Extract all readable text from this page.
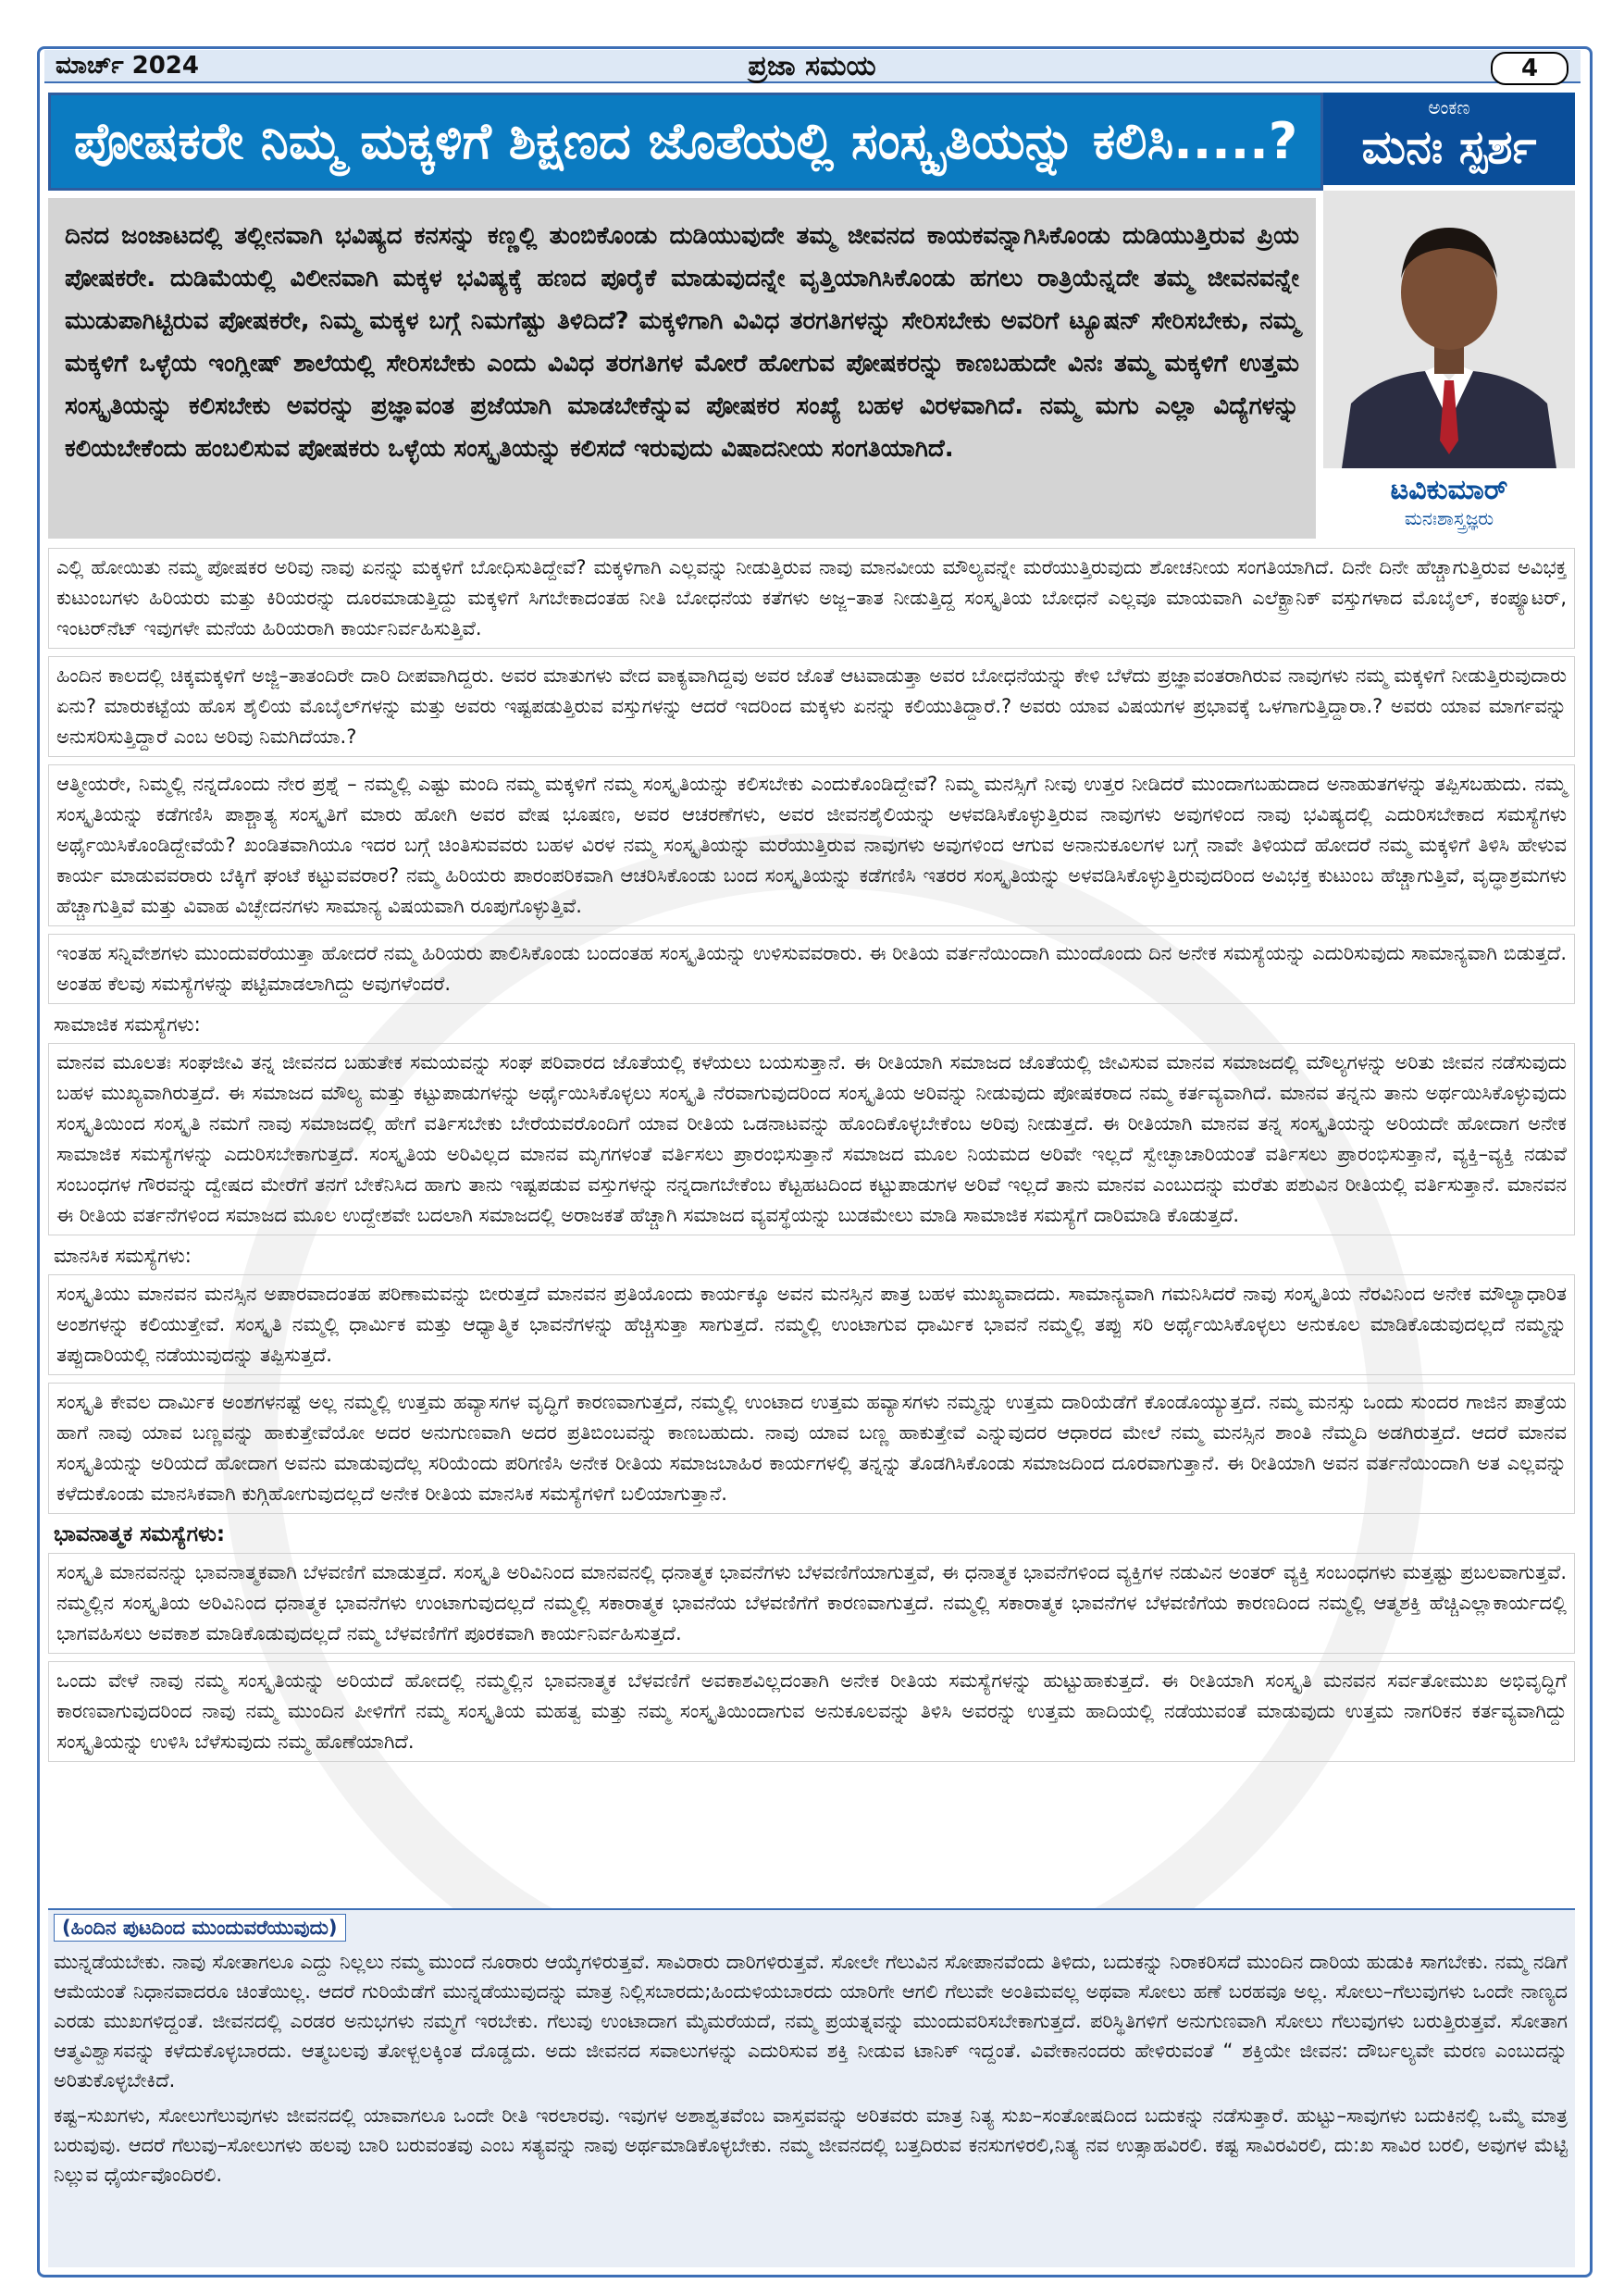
ಮಾರ್ಚ್ 2024	ಪ್ರಜಾ ಸಮಯ	4
ಪೋಷಕರೇ ನಿಮ್ಮ ಮಕ್ಕಳಿಗೆ ಶಿಕ್ಷಣದ ಜೊತೆಯಲ್ಲಿ ಸಂಸ್ಕೃತಿಯನ್ನು ಕಲಿಸಿ.....?
ಅಂಕಣ
ಮನಃ ಸ್ಪರ್ಶ
ಟವಿಕುಮಾರ್
ಮನಃಶಾಸ್ತ್ರಜ್ಞರು

ದಿನದ ಜಂಜಾಟದಲ್ಲಿ ತಲ್ಲೀನವಾಗಿ ಭವಿಷ್ಯದ ಕನಸನ್ನು ಕಣ್ಣಲ್ಲಿ ತುಂಬಿಕೊಂಡು ದುಡಿಯುವುದೇ ತಮ್ಮ ಜೀವನದ ಕಾಯಕವನ್ನಾಗಿಸಿಕೊಂಡು ದುಡಿಯುತ್ತಿರುವ ಪ್ರಿಯ ಪೋಷಕರೇ. ದುಡಿಮೆಯಲ್ಲಿ ವಿಲೀನವಾಗಿ ಮಕ್ಕಳ ಭವಿಷ್ಯಕ್ಕೆ ಹಣದ ಪೂರೈಕೆ ಮಾಡುವುದನ್ನೇ ವೃತ್ತಿಯಾಗಿಸಿಕೊಂಡು ಹಗಲು ರಾತ್ರಿಯೆನ್ನದೇ ತಮ್ಮ ಜೀವನವನ್ನೇ ಮುಡುಪಾಗಿಟ್ಟಿರುವ ಪೋಷಕರೇ, ನಿಮ್ಮ ಮಕ್ಕಳ ಬಗ್ಗೆ ನಿಮಗೆಷ್ಟು ತಿಳಿದಿದೆ? ಮಕ್ಕಳಿಗಾಗಿ ವಿವಿಧ ತರಗತಿಗಳನ್ನು ಸೇರಿಸಬೇಕು ಅವರಿಗೆ ಟ್ಯೂಷನ್ ಸೇರಿಸಬೇಕು, ನಮ್ಮ ಮಕ್ಕಳಿಗೆ ಒಳ್ಳೆಯ ಇಂಗ್ಲೀಷ್ ಶಾಲೆಯಲ್ಲಿ ಸೇರಿಸಬೇಕು ಎಂದು ವಿವಿಧ ತರಗತಿಗಳ ಮೋರೆ ಹೋಗುವ ಪೋಷಕರನ್ನು ಕಾಣಬಹುದೇ ವಿನಃ ತಮ್ಮ ಮಕ್ಕಳಿಗೆ ಉತ್ತಮ ಸಂಸ್ಕೃತಿಯನ್ನು ಕಲಿಸಬೇಕು ಅವರನ್ನು ಪ್ರಜ್ಞಾವಂತ ಪ್ರಜೆಯಾಗಿ ಮಾಡಬೇಕೆನ್ನುವ ಪೋಷಕರ ಸಂಖ್ಯೆ ಬಹಳ ವಿರಳವಾಗಿದೆ. ನಮ್ಮ ಮಗು ಎಲ್ಲಾ ವಿದ್ಯೆಗಳನ್ನು ಕಲಿಯಬೇಕೆಂದು ಹಂಬಲಿಸುವ ಪೋಷಕರು ಒಳ್ಳೆಯ ಸಂಸ್ಕೃತಿಯನ್ನು ಕಲಿಸದೆ ಇರುವುದು ವಿಷಾದನೀಯ ಸಂಗತಿಯಾಗಿದೆ.

ಎಲ್ಲಿ ಹೋಯಿತು ನಮ್ಮ ಪೋಷಕರ ಅರಿವು ನಾವು ಏನನ್ನು ಮಕ್ಕಳಿಗೆ ಬೋಧಿಸುತಿದ್ದೇವೆ? ಮಕ್ಕಳಿಗಾಗಿ ಎಲ್ಲವನ್ನು ನೀಡುತ್ತಿರುವ ನಾವು ಮಾನವೀಯ ಮೌಲ್ಯವನ್ನೇ ಮರೆಯುತ್ತಿರುವುದು ಶೋಚನೀಯ ಸಂಗತಿಯಾಗಿದೆ. ದಿನೇ ದಿನೇ ಹೆಚ್ಚಾಗುತ್ತಿರುವ ಅವಿಭಕ್ತ ಕುಟುಂಬಗಳು ಹಿರಿಯರು ಮತ್ತು ಕಿರಿಯರನ್ನು ದೂರಮಾಡುತ್ತಿದ್ದು ಮಕ್ಕಳಿಗೆ ಸಿಗಬೇಕಾದಂತಹ ನೀತಿ ಬೋಧನೆಯ ಕತೆಗಳು ಅಜ್ಜ–ತಾತ ನೀಡುತ್ತಿದ್ದ ಸಂಸ್ಕೃತಿಯ ಬೋಧನೆ ಎಲ್ಲವೂ ಮಾಯವಾಗಿ ಎಲೆಕ್ಟ್ರಾನಿಕ್ ವಸ್ತುಗಳಾದ ಮೊಬೈಲ್, ಕಂಪ್ಯೂಟರ್, ಇಂಟರ್‌ನೆಟ್ ಇವುಗಳೇ ಮನೆಯ ಹಿರಿಯರಾಗಿ ಕಾರ್ಯನಿರ್ವಹಿಸುತ್ತಿವೆ.

ಹಿಂದಿನ ಕಾಲದಲ್ಲಿ ಚಿಕ್ಕಮಕ್ಕಳಿಗೆ ಅಜ್ಜಿ–ತಾತಂದಿರೇ ದಾರಿ ದೀಪವಾಗಿದ್ದರು. ಅವರ ಮಾತುಗಳು ವೇದ ವಾಕ್ಯವಾಗಿದ್ದವು ಅವರ ಜೊತೆ ಆಟವಾಡುತ್ತಾ ಅವರ ಬೋಧನೆಯನ್ನು ಕೇಳಿ ಬೆಳೆದು ಪ್ರಜ್ಞಾವಂತರಾಗಿರುವ ನಾವುಗಳು ನಮ್ಮ ಮಕ್ಕಳಿಗೆ ನೀಡುತ್ತಿರುವುದಾರು ಏನು? ಮಾರುಕಟ್ಟೆಯ ಹೊಸ ಶೈಲಿಯ ಮೊಬೈಲ್‌ಗಳನ್ನು ಮತ್ತು ಅವರು ಇಷ್ಟಪಡುತ್ತಿರುವ ವಸ್ತುಗಳನ್ನು ಆದರೆ ಇದರಿಂದ ಮಕ್ಕಳು ಏನನ್ನು ಕಲಿಯುತಿದ್ದಾರೆ.? ಅವರು ಯಾವ ವಿಷಯಗಳ ಪ್ರಭಾವಕ್ಕೆ ಒಳಗಾಗುತ್ತಿದ್ದಾರಾ.? ಅವರು ಯಾವ ಮಾರ್ಗವನ್ನು ಅನುಸರಿಸುತ್ತಿದ್ದಾರೆ ಎಂಬ ಅರಿವು ನಿಮಗಿದೆಯಾ.?

ಆತ್ಮೀಯರೇ, ನಿಮ್ಮಲ್ಲಿ ನನ್ನದೊಂದು ನೇರ ಪ್ರಶ್ನೆ – ನಮ್ಮಲ್ಲಿ ಎಷ್ಟು ಮಂದಿ ನಮ್ಮ ಮಕ್ಕಳಿಗೆ ನಮ್ಮ ಸಂಸ್ಕೃತಿಯನ್ನು ಕಲಿಸಬೇಕು ಎಂದುಕೊಂಡಿದ್ದೇವೆ? ನಿಮ್ಮ ಮನಸ್ಸಿಗೆ ನೀವು ಉತ್ತರ ನೀಡಿದರೆ ಮುಂದಾಗಬಹುದಾದ ಅನಾಹುತಗಳನ್ನು ತಪ್ಪಿಸಬಹುದು. ನಮ್ಮ ಸಂಸ್ಕೃತಿಯನ್ನು ಕಡೆಗಣಿಸಿ ಪಾಶ್ಚಾತ್ಯ ಸಂಸ್ಕೃತಿಗೆ ಮಾರು ಹೋಗಿ ಅವರ ವೇಷ ಭೂಷಣ, ಅವರ ಆಚರಣೆಗಳು, ಅವರ ಜೀವನಶೈಲಿಯನ್ನು ಅಳವಡಿಸಿಕೊಳ್ಳುತ್ತಿರುವ ನಾವುಗಳು ಅವುಗಳಿಂದ ನಾವು ಭವಿಷ್ಯದಲ್ಲಿ ಎದುರಿಸಬೇಕಾದ ಸಮಸ್ಯೆಗಳು ಅರ್ಥೈಯಿಸಿಕೊಂಡಿದ್ದೇವೆಯೆ? ಖಂಡಿತವಾಗಿಯೂ ಇದರ ಬಗ್ಗೆ ಚಿಂತಿಸುವವರು ಬಹಳ ವಿರಳ ನಮ್ಮ ಸಂಸ್ಕೃತಿಯನ್ನು ಮರೆಯುತ್ತಿರುವ ನಾವುಗಳು ಅವುಗಳಿಂದ ಆಗುವ ಅನಾನುಕೂಲಗಳ ಬಗ್ಗೆ ನಾವೇ ತಿಳಿಯದೆ ಹೋದರೆ ನಮ್ಮ ಮಕ್ಕಳಿಗೆ ತಿಳಿಸಿ ಹೇಳುವ ಕಾರ್ಯ ಮಾಡುವವರಾರು ಬೆಕ್ಕಿಗೆ ಘಂಟೆ ಕಟ್ಟುವವರಾರ? ನಮ್ಮ ಹಿರಿಯರು ಪಾರಂಪರಿಕವಾಗಿ ಆಚರಿಸಿಕೊಂಡು ಬಂದ ಸಂಸ್ಕೃತಿಯನ್ನು ಕಡೆಗಣಿಸಿ ಇತರರ ಸಂಸ್ಕೃತಿಯನ್ನು ಅಳವಡಿಸಿಕೊಳ್ಳುತ್ತಿರುವುದರಿಂದ ಅವಿಭಕ್ತ ಕುಟುಂಬ ಹೆಚ್ಚಾಗುತ್ತಿವೆ, ವೃದ್ಧಾಶ್ರಮಗಳು ಹೆಚ್ಚಾಗುತ್ತಿವೆ ಮತ್ತು ವಿವಾಹ ವಿಚ್ಛೇದನಗಳು ಸಾಮಾನ್ಯ ವಿಷಯವಾಗಿ ರೂಪುಗೊಳ್ಳುತ್ತಿವೆ.

ಇಂತಹ ಸನ್ನಿವೇಶಗಳು ಮುಂದುವರೆಯುತ್ತಾ ಹೋದರೆ ನಮ್ಮ ಹಿರಿಯರು ಪಾಲಿಸಿಕೊಂಡು ಬಂದಂತಹ ಸಂಸ್ಕೃತಿಯನ್ನು ಉಳಿಸುವವರಾರು. ಈ ರೀತಿಯ ವರ್ತನೆಯಿಂದಾಗಿ ಮುಂದೊಂದು ದಿನ ಅನೇಕ ಸಮಸ್ಯೆಯನ್ನು ಎದುರಿಸುವುದು ಸಾಮಾನ್ಯವಾಗಿ ಬಿಡುತ್ತದೆ. ಅಂತಹ ಕೆಲವು ಸಮಸ್ಯೆಗಳನ್ನು ಪಟ್ಟಿಮಾಡಲಾಗಿದ್ದು ಅವುಗಳೆಂದರೆ.

ಸಾಮಾಜಿಕ ಸಮಸ್ಯೆಗಳು:

ಮಾನವ ಮೂಲತಃ ಸಂಘಜೀವಿ ತನ್ನ ಜೀವನದ ಬಹುತೇಕ ಸಮಯವನ್ನು ಸಂಘ ಪರಿವಾರದ ಜೊತೆಯಲ್ಲಿ ಕಳೆಯಲು ಬಯಸುತ್ತಾನೆ. ಈ ರೀತಿಯಾಗಿ ಸಮಾಜದ ಜೊತೆಯಲ್ಲಿ ಜೀವಿಸುವ ಮಾನವ ಸಮಾಜದಲ್ಲಿ ಮೌಲ್ಯಗಳನ್ನು ಅರಿತು ಜೀವನ ನಡೆಸುವುದು ಬಹಳ ಮುಖ್ಯವಾಗಿರುತ್ತದೆ. ಈ ಸಮಾಜದ ಮೌಲ್ಯ ಮತ್ತು ಕಟ್ಟುಪಾಡುಗಳನ್ನು ಅರ್ಥೈಯಿಸಿಕೊಳ್ಳಲು ಸಂಸ್ಕೃತಿ ನೆರವಾಗುವುದರಿಂದ ಸಂಸ್ಕೃತಿಯ ಅರಿವನ್ನು ನೀಡುವುದು ಪೋಷಕರಾದ ನಮ್ಮ ಕರ್ತವ್ಯವಾಗಿದೆ. ಮಾನವ ತನ್ನನು ತಾನು ಅರ್ಥಯಿಸಿಕೊಳ್ಳುವುದು ಸಂಸ್ಕೃತಿಯಿಂದ ಸಂಸ್ಕೃತಿ ನಮಗೆ ನಾವು ಸಮಾಜದಲ್ಲಿ ಹೇಗೆ ವರ್ತಿಸಬೇಕು ಬೇರೆಯವರೊಂದಿಗೆ ಯಾವ ರೀತಿಯ ಒಡನಾಟವನ್ನು ಹೊಂದಿಕೊಳ್ಳಬೇಕೆಂಬ ಅರಿವು ನೀಡುತ್ತದೆ. ಈ ರೀತಿಯಾಗಿ ಮಾನವ ತನ್ನ ಸಂಸ್ಕೃತಿಯನ್ನು ಅರಿಯದೇ ಹೋದಾಗ ಅನೇಕ ಸಾಮಾಜಿಕ ಸಮಸ್ಯೆಗಳನ್ನು ಎದುರಿಸಬೇಕಾಗುತ್ತದೆ. ಸಂಸ್ಕೃತಿಯ ಅರಿವಿಲ್ಲದ ಮಾನವ ಮೃಗಗಳಂತೆ ವರ್ತಿಸಲು ಪ್ರಾರಂಭಿಸುತ್ತಾನೆ ಸಮಾಜದ ಮೂಲ ನಿಯಮದ ಅರಿವೇ ಇಲ್ಲದೆ ಸ್ವೇಚ್ಛಾಚಾರಿಯಂತೆ ವರ್ತಿಸಲು ಪ್ರಾರಂಭಿಸುತ್ತಾನೆ, ವ್ಯಕ್ತಿ–ವ್ಯಕ್ತಿ ನಡುವೆ ಸಂಬಂಧಗಳ ಗೌರವನ್ನು ದ್ವೇಷದ ಮೇರೆಗೆ ತನಗೆ ಬೇಕೆನಿಸಿದ ಹಾಗು ತಾನು ಇಷ್ಟಪಡುವ ವಸ್ತುಗಳನ್ನು ನನ್ನದಾಗಬೇಕೆಂಬ ಕೆಟ್ಟಹಟದಿಂದ ಕಟ್ಟುಪಾಡುಗಳ ಅರಿವೆ ಇಲ್ಲದೆ ತಾನು ಮಾನವ ಎಂಬುದನ್ನು ಮರೆತು ಪಶುವಿನ ರೀತಿಯಲ್ಲಿ ವರ್ತಿಸುತ್ತಾನೆ. ಮಾನವನ ಈ ರೀತಿಯ ವರ್ತನೆಗಳಿಂದ ಸಮಾಜದ ಮೂಲ ಉದ್ದೇಶವೇ ಬದಲಾಗಿ ಸಮಾಜದಲ್ಲಿ ಅರಾಜಕತೆ ಹೆಚ್ಚಾಗಿ ಸಮಾಜದ ವ್ಯವಸ್ಥೆಯನ್ನು ಬುಡಮೇಲು ಮಾಡಿ ಸಾಮಾಜಿಕ ಸಮಸ್ಯೆಗೆ ದಾರಿಮಾಡಿ ಕೊಡುತ್ತದೆ.

ಮಾನಸಿಕ ಸಮಸ್ಯೆಗಳು:

ಸಂಸ್ಕೃತಿಯು ಮಾನವನ ಮನಸ್ಸಿನ ಅಪಾರವಾದಂತಹ ಪರಿಣಾಮವನ್ನು ಬೀರುತ್ತದೆ ಮಾನವನ ಪ್ರತಿಯೊಂದು ಕಾರ್ಯಕ್ಕೂ ಅವನ ಮನಸ್ಸಿನ ಪಾತ್ರ ಬಹಳ ಮುಖ್ಯವಾದದು. ಸಾಮಾನ್ಯವಾಗಿ ಗಮನಿಸಿದರೆ ನಾವು ಸಂಸ್ಕೃತಿಯ ನೆರವಿನಿಂದ ಅನೇಕ ಮೌಲ್ಯಾಧಾರಿತ ಅಂಶಗಳನ್ನು ಕಲಿಯುತ್ತೇವೆ. ಸಂಸ್ಕೃತಿ ನಮ್ಮಲ್ಲಿ ಧಾರ್ಮಿಕ ಮತ್ತು ಆಧ್ಯಾತ್ಮಿಕ ಭಾವನೆಗಳನ್ನು ಹೆಚ್ಚಿಸುತ್ತಾ ಸಾಗುತ್ತದೆ. ನಮ್ಮಲ್ಲಿ ಉಂಟಾಗುವ ಧಾರ್ಮಿಕ ಭಾವನೆ ನಮ್ಮಲ್ಲಿ ತಪ್ಪು ಸರಿ ಅರ್ಥೈಯಿಸಿಕೊಳ್ಳಲು ಅನುಕೂಲ ಮಾಡಿಕೊಡುವುದಲ್ಲದೆ ನಮ್ಮನ್ನು ತಪ್ಪುದಾರಿಯಲ್ಲಿ ನಡೆಯುವುದನ್ನು ತಪ್ಪಿಸುತ್ತದೆ.

ಸಂಸ್ಕೃತಿ ಕೇವಲ ದಾರ್ಮಿಕ ಅಂಶಗಳನಷ್ಟೆ ಅಲ್ಲ ನಮ್ಮಲ್ಲಿ ಉತ್ತಮ ಹವ್ಯಾಸಗಳ ವೃದ್ಧಿಗೆ ಕಾರಣವಾಗುತ್ತದೆ, ನಮ್ಮಲ್ಲಿ ಉಂಟಾದ ಉತ್ತಮ ಹವ್ಯಾಸಗಳು ನಮ್ಮನ್ನು ಉತ್ತಮ ದಾರಿಯೆಡೆಗೆ ಕೊಂಡೊಯ್ಯುತ್ತದೆ. ನಮ್ಮ ಮನಸ್ಸು ಒಂದು ಸುಂದರ ಗಾಜಿನ ಪಾತ್ರೆಯ ಹಾಗೆ ನಾವು ಯಾವ ಬಣ್ಣವನ್ನು ಹಾಕುತ್ತೇವೆಯೋ ಅದರ ಅನುಗುಣವಾಗಿ ಅದರ ಪ್ರತಿಬಿಂಬವನ್ನು ಕಾಣಬಹುದು. ನಾವು ಯಾವ ಬಣ್ಣ ಹಾಕುತ್ತೇವೆ ಎನ್ನುವುದರ ಆಧಾರದ ಮೇಲೆ ನಮ್ಮ ಮನಸ್ಸಿನ ಶಾಂತಿ ನೆಮ್ಮದಿ ಅಡಗಿರುತ್ತದೆ. ಆದರೆ ಮಾನವ ಸಂಸ್ಕೃತಿಯನ್ನು ಅರಿಯದೆ ಹೋದಾಗ ಅವನು ಮಾಡುವುದೆಲ್ಲ ಸರಿಯೆಂದು ಪರಿಗಣಿಸಿ ಅನೇಕ ರೀತಿಯ ಸಮಾಜಬಾಹಿರ ಕಾರ್ಯಗಳಲ್ಲಿ ತನ್ನನ್ನು ತೊಡಗಿಸಿಕೊಂಡು ಸಮಾಜದಿಂದ ದೂರವಾಗುತ್ತಾನೆ. ಈ ರೀತಿಯಾಗಿ ಅವನ ವರ್ತನೆಯಿಂದಾಗಿ ಅತ ಎಲ್ಲವನ್ನು ಕಳೆದುಕೊಂಡು ಮಾನಸಿಕವಾಗಿ ಕುಗ್ಗಿಹೋಗುವುದಲ್ಲದೆ ಅನೇಕ ರೀತಿಯ ಮಾನಸಿಕ ಸಮಸ್ಯೆಗಳಿಗೆ ಬಲಿಯಾಗುತ್ತಾನೆ.

ಭಾವನಾತ್ಮಕ ಸಮಸ್ಯೆಗಳು:

ಸಂಸ್ಕೃತಿ ಮಾನವನನ್ನು ಭಾವನಾತ್ಮಕವಾಗಿ ಬೆಳವಣಿಗೆ ಮಾಡುತ್ತದೆ. ಸಂಸ್ಕೃತಿ ಅರಿವಿನಿಂದ ಮಾನವನಲ್ಲಿ ಧನಾತ್ಮಕ ಭಾವನೆಗಳು ಬೆಳವಣಿಗೆಯಾಗುತ್ತವೆ, ಈ ಧನಾತ್ಮಕ ಭಾವನೆಗಳಿಂದ ವ್ಯಕ್ತಿಗಳ ನಡುವಿನ ಅಂತರ್ ವ್ಯಕ್ತಿ ಸಂಬಂಧಗಳು ಮತ್ತಷ್ಟು ಪ್ರಬಲವಾಗುತ್ತವೆ. ನಮ್ಮಲ್ಲಿನ ಸಂಸ್ಕೃತಿಯ ಅರಿವಿನಿಂದ ಧನಾತ್ಮಕ ಭಾವನೆಗಳು ಉಂಟಾಗುವುದಲ್ಲದೆ ನಮ್ಮಲ್ಲಿ ಸಕಾರಾತ್ಮಕ ಭಾವನೆಯ ಬೆಳವಣಿಗೆಗೆ ಕಾರಣವಾಗುತ್ತದೆ. ನಮ್ಮಲ್ಲಿ ಸಕಾರಾತ್ಮಕ ಭಾವನೆಗಳ ಬೆಳವಣಿಗೆಯ ಕಾರಣದಿಂದ ನಮ್ಮಲ್ಲಿ ಆತ್ಮಶಕ್ತಿ ಹೆಚ್ಚಿಎಲ್ಲಾಕಾರ್ಯದಲ್ಲಿ ಭಾಗವಹಿಸಲು ಅವಕಾಶ ಮಾಡಿಕೊಡುವುದಲ್ಲದೆ ನಮ್ಮ ಬೆಳವಣಿಗೆಗೆ ಪೂರಕವಾಗಿ ಕಾರ್ಯನಿರ್ವಹಿಸುತ್ತದೆ.

ಒಂದು ವೇಳೆ ನಾವು ನಮ್ಮ ಸಂಸ್ಕೃತಿಯನ್ನು ಅರಿಯದೆ ಹೋದಲ್ಲಿ ನಮ್ಮಲ್ಲಿನ ಭಾವನಾತ್ಮಕ ಬೆಳವಣಿಗೆ ಅವಕಾಶವಿಲ್ಲದಂತಾಗಿ ಅನೇಕ ರೀತಿಯ ಸಮಸ್ಯೆಗಳನ್ನು ಹುಟ್ಟುಹಾಕುತ್ತದೆ. ಈ ರೀತಿಯಾಗಿ ಸಂಸ್ಕೃತಿ ಮನವನ ಸರ್ವತೋಮುಖ ಅಭಿವೃದ್ಧಿಗೆ ಕಾರಣವಾಗುವುದರಿಂದ ನಾವು ನಮ್ಮ ಮುಂದಿನ ಪೀಳಿಗೆಗೆ ನಮ್ಮ ಸಂಸ್ಕೃತಿಯ ಮಹತ್ವ ಮತ್ತು ನಮ್ಮ ಸಂಸ್ಕೃತಿಯಿಂದಾಗುವ ಅನುಕೂಲವನ್ನು ತಿಳಿಸಿ ಅವರನ್ನು ಉತ್ತಮ ಹಾದಿಯಲ್ಲಿ ನಡೆಯುವಂತೆ ಮಾಡುವುದು ಉತ್ತಮ ನಾಗರಿಕನ ಕರ್ತವ್ಯವಾಗಿದ್ದು ಸಂಸ್ಕೃತಿಯನ್ನು ಉಳಿಸಿ ಬೆಳೆಸುವುದು ನಮ್ಮ ಹೊಣೆಯಾಗಿದೆ.

(ಹಿಂದಿನ ಪುಟದಿಂದ ಮುಂದುವರೆಯುವುದು)

ಮುನ್ನಡೆಯಬೇಕು. ನಾವು ಸೋತಾಗಲೂ ಎದ್ದು ನಿಲ್ಲಲು ನಮ್ಮ ಮುಂದೆ ನೂರಾರು ಆಯ್ಕೆಗಳಿರುತ್ತವೆ. ಸಾವಿರಾರು ದಾರಿಗಳಿರುತ್ತವೆ. ಸೋಲೇ ಗೆಲುವಿನ ಸೋಪಾನವೆಂದು ತಿಳಿದು, ಬದುಕನ್ನು ನಿರಾಕರಿಸದೆ ಮುಂದಿನ ದಾರಿಯ ಹುಡುಕಿ ಸಾಗಬೇಕು. ನಮ್ಮ ನಡಿಗೆ ಆಮೆಯಂತೆ ನಿಧಾನವಾದರೂ ಚಿಂತೆಯಿಲ್ಲ. ಆದರೆ ಗುರಿಯೆಡೆಗೆ ಮುನ್ನಡೆಯುವುದನ್ನು ಮಾತ್ರ ನಿಲ್ಲಿಸಬಾರದು;ಹಿಂದುಳಿಯಬಾರದು ಯಾರಿಗೇ ಆಗಲಿ ಗೆಲುವೇ ಅಂತಿಮವಲ್ಲ ಅಥವಾ ಸೋಲು ಹಣೆ ಬರಹವೂ ಅಲ್ಲ. ಸೋಲು–ಗೆಲುವುಗಳು ಒಂದೇ ನಾಣ್ಯದ ಎರಡು ಮುಖಗಳಿದ್ದಂತೆ. ಜೀವನದಲ್ಲಿ ಎರಡರ ಅನುಭಗಳು ನಮ್ಮಗೆ ಇರಬೇಕು. ಗೆಲುವು ಉಂಟಾದಾಗ ಮೈಮರೆಯದೆ, ನಮ್ಮ ಪ್ರಯತ್ನವನ್ನು ಮುಂದುವರಿಸಬೇಕಾಗುತ್ತದೆ. ಪರಿಸ್ಥಿತಿಗಳಿಗೆ ಅನುಗುಣವಾಗಿ ಸೋಲು ಗೆಲುವುಗಳು ಬರುತ್ತಿರುತ್ತವೆ. ಸೋತಾಗ ಆತ್ಮವಿಶ್ವಾಸವನ್ನು ಕಳೆದುಕೊಳ್ಳಬಾರದು. ಆತ್ಮಬಲವು ತೋಳ್ಬಲಕ್ಕಿಂತ ದೊಡ್ಡದು. ಅದು ಜೀವನದ ಸವಾಲುಗಳನ್ನು ಎದುರಿಸುವ ಶಕ್ತಿ ನೀಡುವ ಟಾನಿಕ್ ಇದ್ದಂತೆ. ವಿವೇಕಾನಂದರು ಹೇಳಿರುವಂತೆ “ ಶಕ್ತಿಯೇ ಜೀವನ: ದೌರ್ಬಲ್ಯವೇ ಮರಣ ಎಂಬುದನ್ನು ಅರಿತುಕೊಳ್ಳಬೇಕಿದೆ.

ಕಷ್ಟ–ಸುಖಗಳು, ಸೋಲುಗೆಲುವುಗಳು ಜೀವನದಲ್ಲಿ ಯಾವಾಗಲೂ ಒಂದೇ ರೀತಿ ಇರಲಾರವು. ಇವುಗಳ ಅಶಾಶ್ವತವೆಂಬ ವಾಸ್ತವವನ್ನು ಅರಿತವರು ಮಾತ್ರ ನಿತ್ಯ ಸುಖ–ಸಂತೋಷದಿಂದ ಬದುಕನ್ನು ನಡೆಸುತ್ತಾರೆ. ಹುಟ್ಟು–ಸಾವುಗಳು ಬದುಕಿನಲ್ಲಿ ಒಮ್ಮೆ ಮಾತ್ರ ಬರುವುವು. ಆದರೆ ಗೆಲುವು–ಸೋಲುಗಳು ಹಲವು ಬಾರಿ ಬರುವಂತವು ಎಂಬ ಸತ್ಯವನ್ನು ನಾವು ಅರ್ಥಮಾಡಿಕೊಳ್ಳಬೇಕು. ನಮ್ಮ ಜೀವನದಲ್ಲಿ ಬತ್ತದಿರುವ ಕನಸುಗಳಿರಲಿ,ನಿತ್ಯ ನವ ಉತ್ಸಾಹವಿರಲಿ. ಕಷ್ಟ ಸಾವಿರವಿರಲಿ, ದು:ಖ ಸಾವಿರ ಬರಲಿ, ಅವುಗಳ ಮೆಟ್ಟಿ ನಿಲ್ಲುವ ಧೈರ್ಯವೊಂದಿರಲಿ.
